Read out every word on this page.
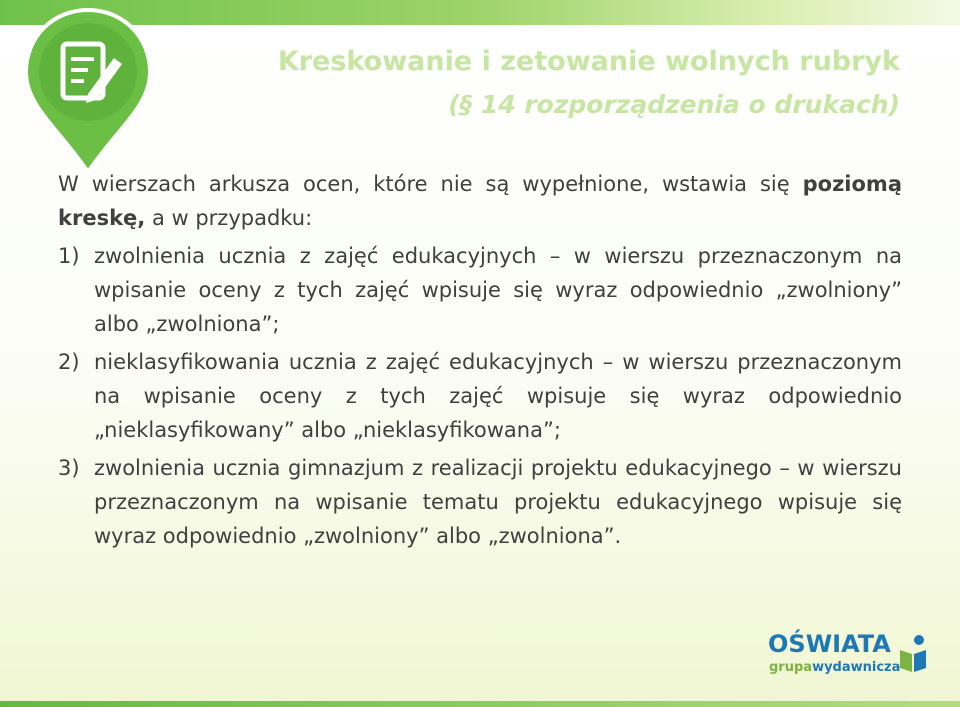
Kreskowanie i zetowanie wolnych rubryk
(§ 14 rozporządzenia o drukach)

W wierszach arkusza ocen, które nie są wypełnione, wstawia się poziomą kreskę, a w przypadku:

1) zwolnienia ucznia z zajęć edukacyjnych – w wierszu przeznaczonym na wpisanie oceny z tych zajęć wpisuje się wyraz odpowiednio „zwolniony” albo „zwolniona”;
2) nieklasyfikowania ucznia z zajęć edukacyjnych – w wierszu przeznaczonym na wpisanie oceny z tych zajęć wpisuje się wyraz odpowiednio „nieklasyfikowany” albo „nieklasyfikowana”;
3) zwolnienia ucznia gimnazjum z realizacji projektu edukacyjnego – w wierszu przeznaczonym na wpisanie tematu projektu edukacyjnego wpisuje się wyraz odpowiednio „zwolniony” albo „zwolniona”.
OŚWIATA
grupawydawnicza
